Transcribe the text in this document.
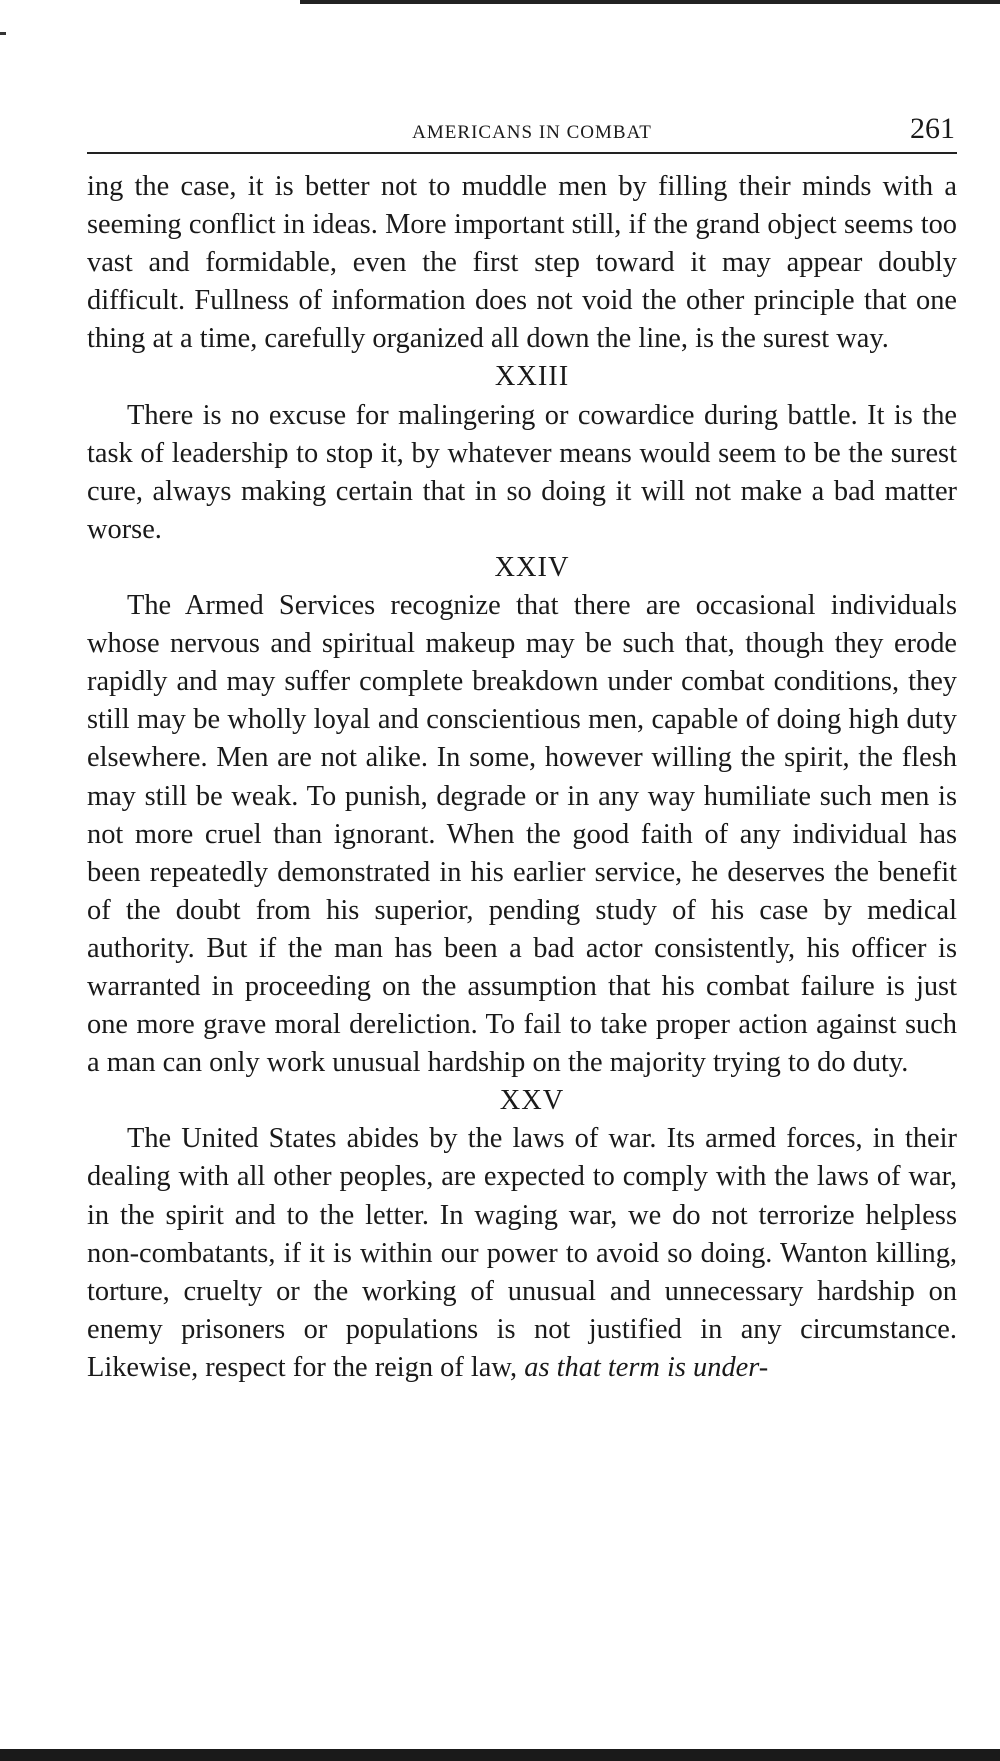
AMERICANS IN COMBAT	261

ing the case, it is better not to muddle men by filling their minds with a seeming conflict in ideas. More important still, if the grand object seems too vast and formidable, even the first step toward it may appear doubly difficult. Fullness of information does not void the other principle that one thing at a time, carefully organized all down the line, is the surest way.

XXIII

There is no excuse for malingering or cowardice during battle. It is the task of leadership to stop it, by whatever means would seem to be the surest cure, always making certain that in so doing it will not make a bad matter worse.

XXIV

The Armed Services recognize that there are occasional individuals whose nervous and spiritual makeup may be such that, though they erode rapidly and may suffer complete breakdown under combat conditions, they still may be wholly loyal and conscientious men, capable of doing high duty elsewhere. Men are not alike. In some, however willing the spirit, the flesh may still be weak. To punish, degrade or in any way humiliate such men is not more cruel than ignorant. When the good faith of any individual has been repeatedly demonstrated in his earlier service, he deserves the benefit of the doubt from his superior, pending study of his case by medical authority. But if the man has been a bad actor consistently, his officer is warranted in proceeding on the assumption that his combat failure is just one more grave moral dereliction. To fail to take proper action against such a man can only work unusual hardship on the majority trying to do duty.

XXV

The United States abides by the laws of war. Its armed forces, in their dealing with all other peoples, are expected to comply with the laws of war, in the spirit and to the letter. In waging war, we do not terrorize helpless non-combatants, if it is within our power to avoid so doing. Wanton killing, torture, cruelty or the working of unusual and unnecessary hardship on enemy prisoners or populations is not justified in any circumstance. Likewise, respect for the reign of law, as that term is under-
